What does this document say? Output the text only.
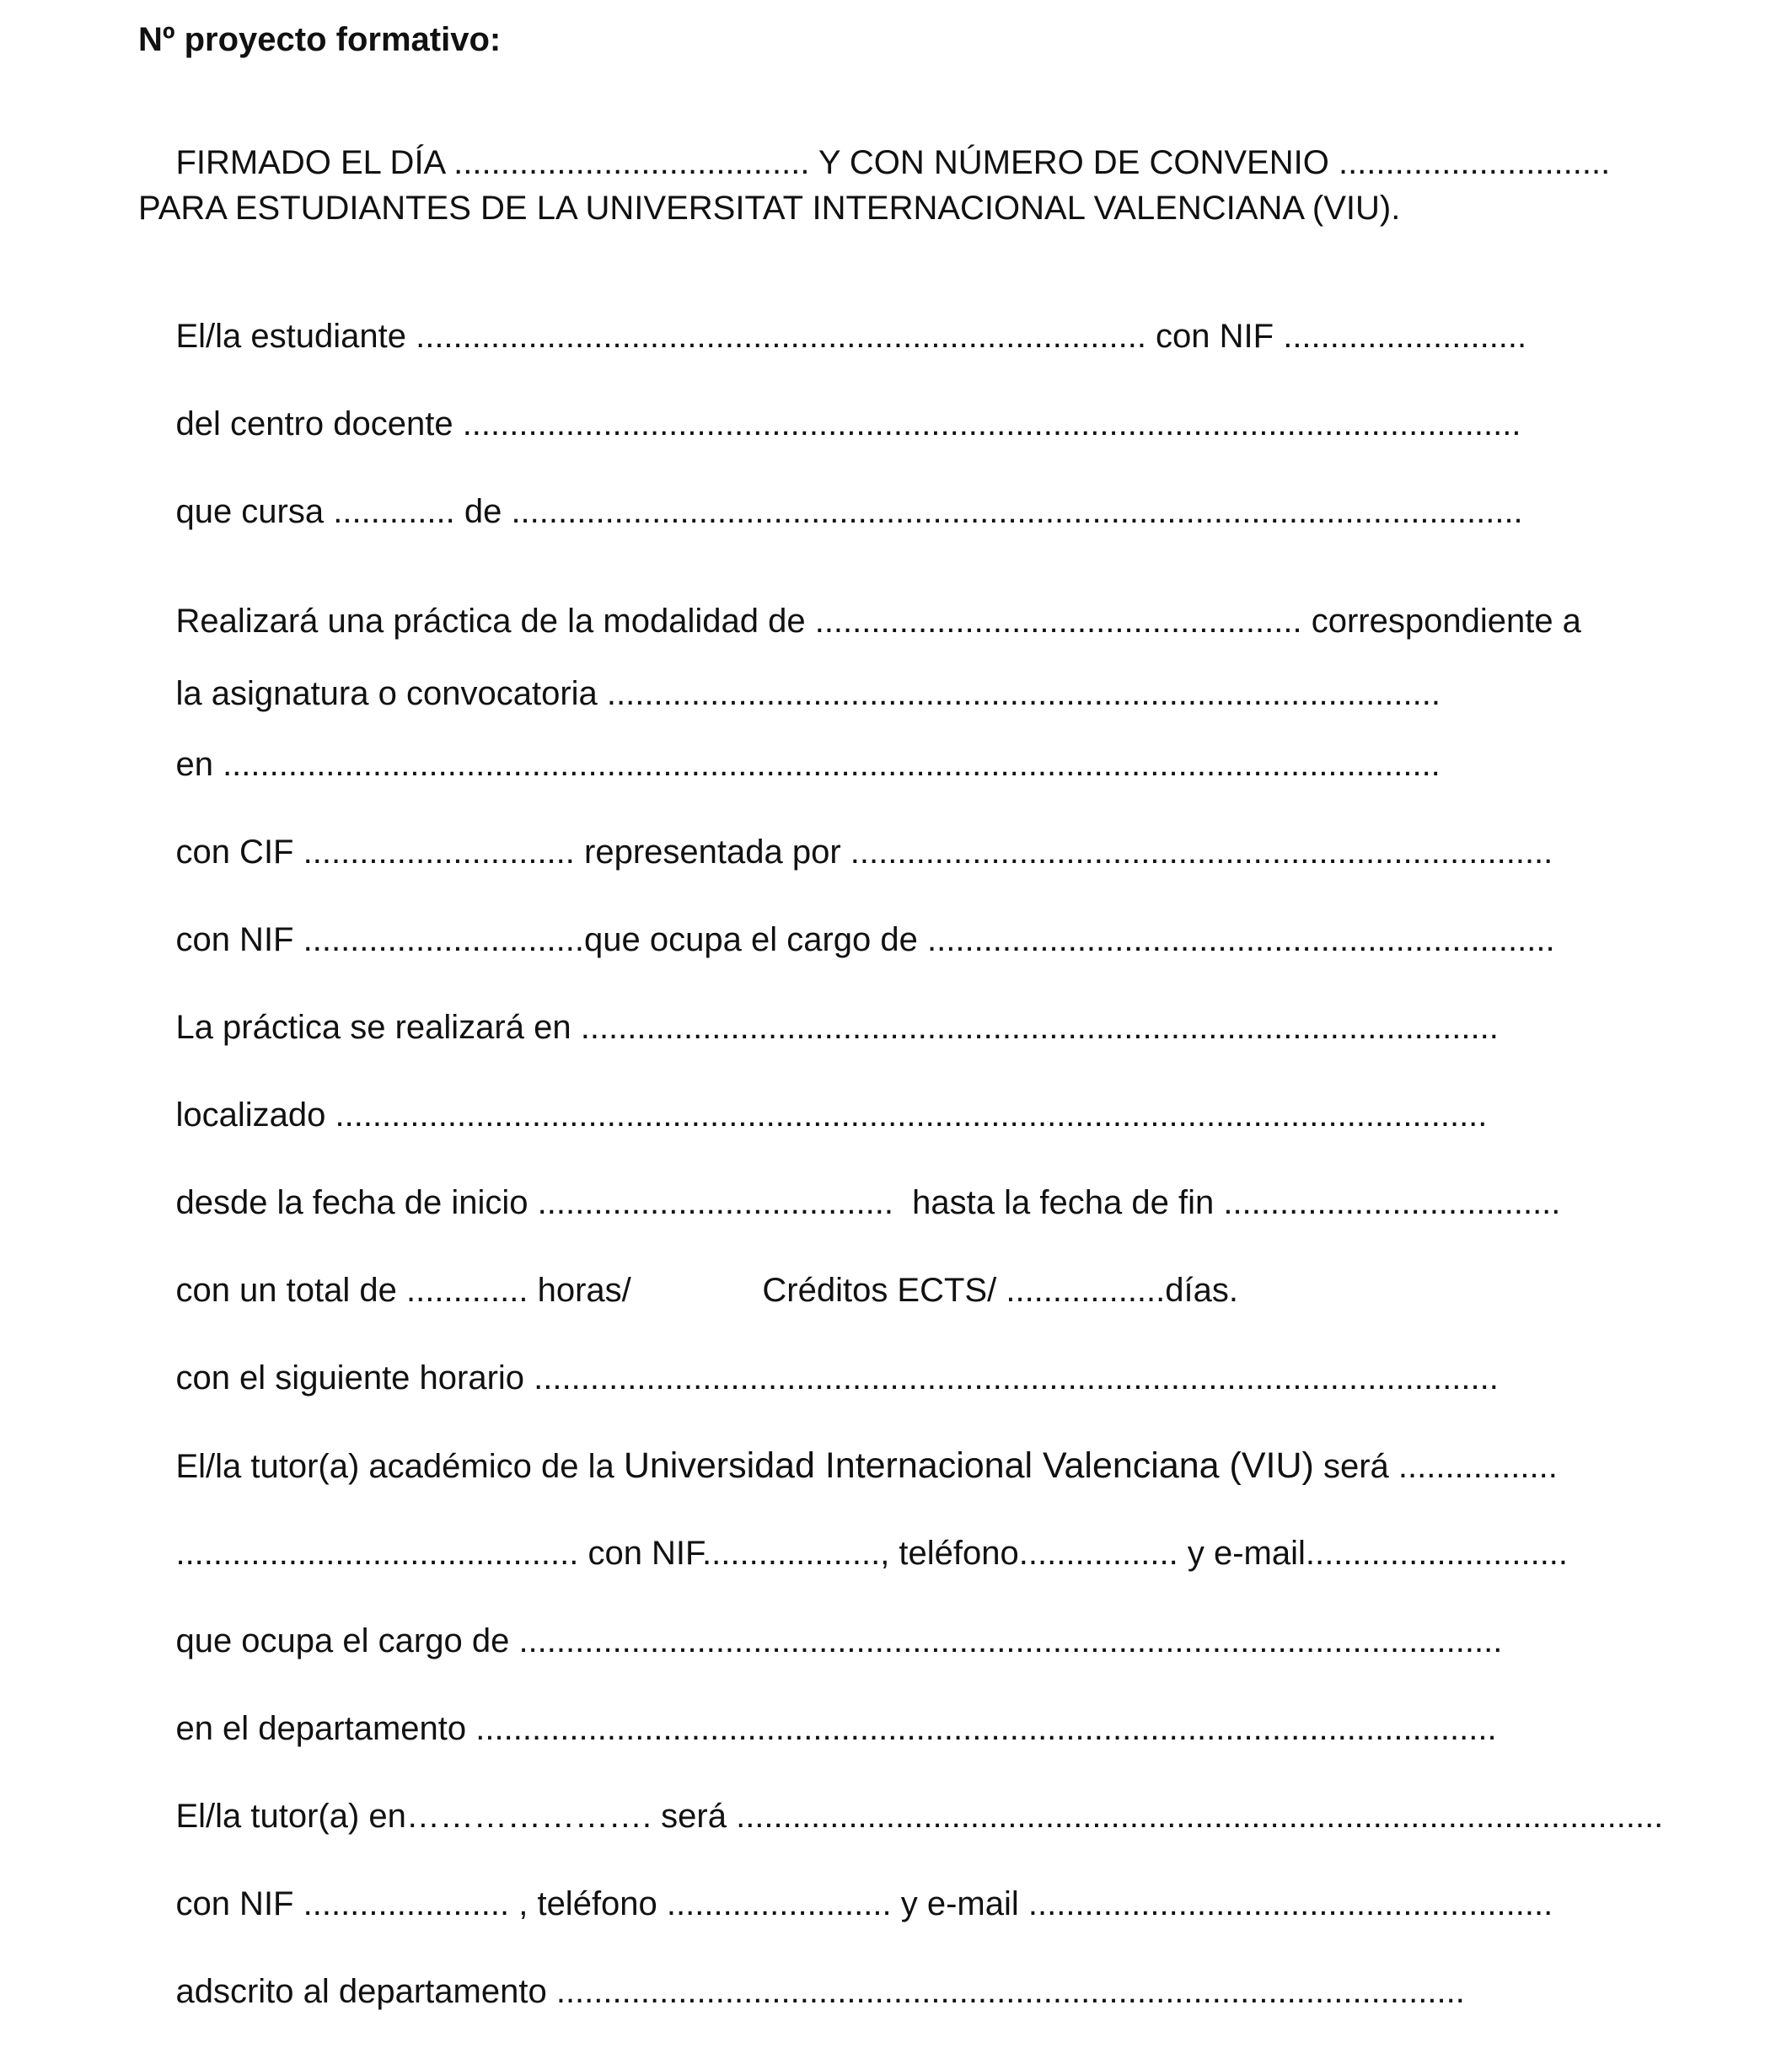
Nº proyecto formativo:

FIRMADO EL DÍA ...................................... Y CON NÚMERO DE CONVENIO .............................

PARA ESTUDIANTES DE LA UNIVERSITAT INTERNACIONAL VALENCIANA (VIU).

El/la estudiante .............................................................................. con NIF ..........................

del centro docente .................................................................................................................

que cursa ............. de ............................................................................................................

Realizará una práctica de la modalidad de .................................................... correspondiente a

la asignatura o convocatoria .........................................................................................

en ..................................................................................................................................

con CIF ............................. representada por ...........................................................................

con NIF ..............................que ocupa el cargo de ...................................................................

La práctica se realizará en ..................................................................................................

localizado ...........................................................................................................................

desde la fecha de inicio ......................................  hasta la fecha de fin ....................................

con un total de ............. horas/	Créditos ECTS/ .................días.

con el siguiente horario .......................................................................................................

El/la tutor(a) académico de la Universidad Internacional Valenciana (VIU) será .................

........................................... con NIF..................., teléfono................. y e-mail............................

que ocupa el cargo de .........................................................................................................

en el departamento .............................................................................................................

El/la tutor(a) en…………………. será ...................................................................................................

con NIF ...................... , teléfono ........................ y e-mail ........................................................

adscrito al departamento .................................................................................................
